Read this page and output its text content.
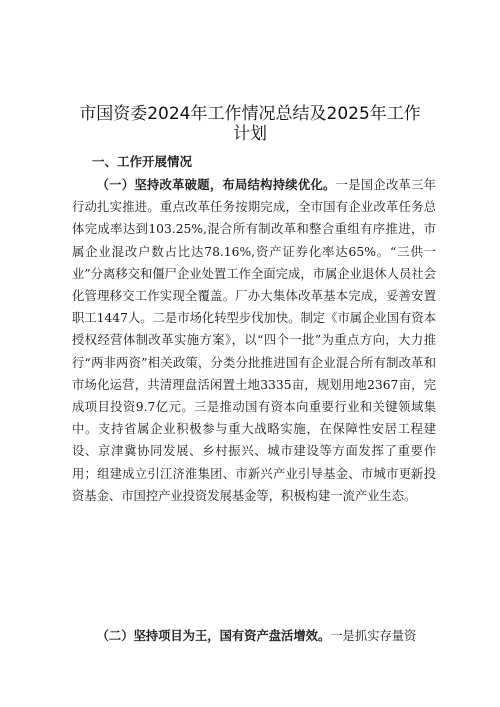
市国资委2024年工作情况总结及2025年工作
计划
一、工作开展情况

（一）坚持改革破题，布局结构持续优化。一是国企改革三年行动扎实推进。重点改革任务按期完成，全市国有企业改革任务总体完成率达到103.25%,混合所有制改革和整合重组有序推进，市属企业混改户数占比达78.16%,资产证券化率达65%。“三供一业”分离移交和僵尸企业处置工作全面完成，市属企业退休人员社会化管理移交工作实现全覆盖。厂办大集体改革基本完成，妥善安置职工1447人。二是市场化转型步伐加快。制定《市属企业国有资本授权经营体制改革实施方案》，以“四个一批”为重点方向，大力推行“两非两资”相关政策，分类分批推进国有企业混合所有制改革和市场化运营，共清理盘活闲置土地3335亩，规划用地2367亩，完成项目投资9.7亿元。三是推动国有资本向重要行业和关键领域集中。支持省属企业积极参与重大战略实施，在保障性安居工程建设、京津冀协同发展、乡村振兴、城市建设等方面发挥了重要作用；组建成立引江济淮集团、市新兴产业引导基金、市城市更新投资基金、市国控产业投资发展基金等，积极构建一流产业生态。

（二）坚持项目为王，国有资产盘活增效。一是抓实存量资
